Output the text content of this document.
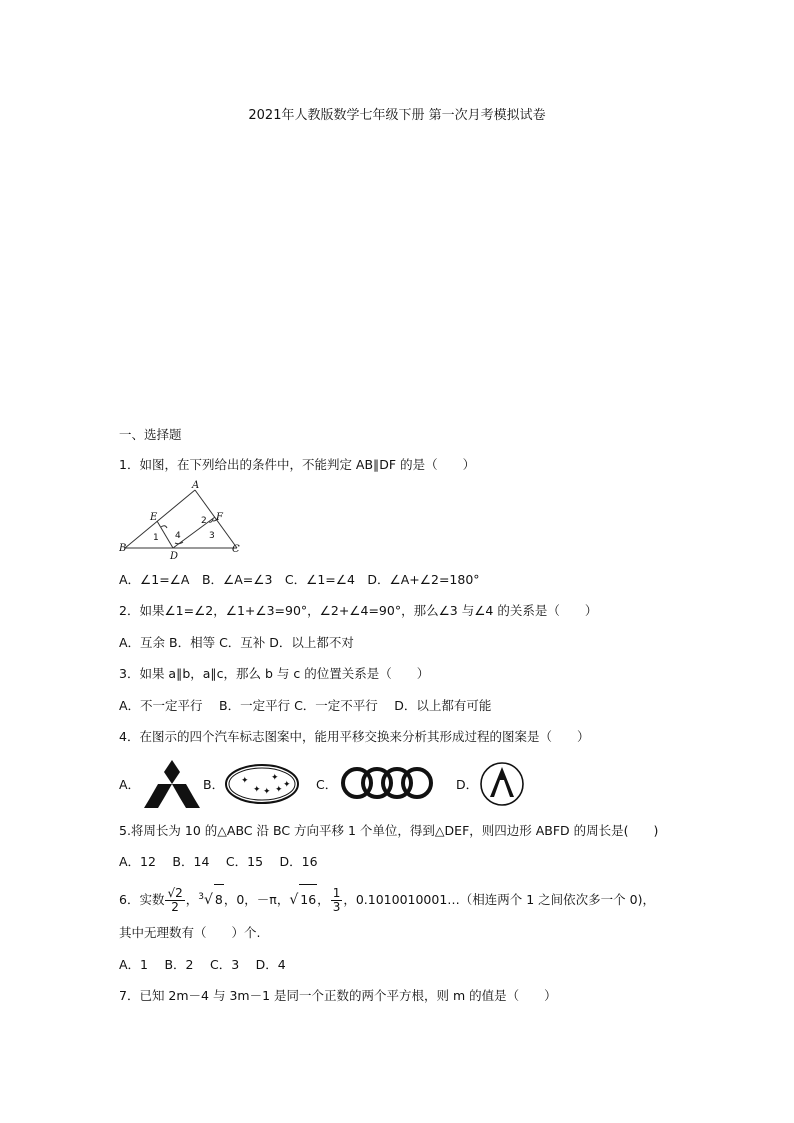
2021年人教版数学七年级下册 第一次月考模拟试卷
一、选择题
1．如图，在下列给出的条件中，不能判定 AB∥DF 的是（　　）
A
E	F
B
D
C
1
2
3
4
A．∠1=∠A　B．∠A=∠3　C．∠1=∠4　D．∠A+∠2=180°
2．如果∠1=∠2，∠1+∠3=90°，∠2+∠4=90°，那么∠3 与∠4 的关系是（　　）
A．互余 B．相等 C．互补 D．以上都不对
3．如果 a∥b，a∥c，那么 b 与 c 的位置关系是（　　）
A．不一定平行　 B．一定平行 C．一定不平行　 D．以上都有可能
4．在图示的四个汽车标志图案中，能用平移交换来分析其形成过程的图案是（　　）
A．	B． ✦ ✦
✦ ✦ ✦ ✦ C．	D．
5.将周长为 10 的△ABC 沿 BC 方向平移 1 个单位，得到△DEF，则四边形 ABFD 的周长是(　　)
A．12　 B．14　 C．15　 D．16
6．实数 $\frac{√2}{2}$ ，$^3$√ 8，0，－π，√ 16， $\frac{1}{3}$ ，0.1010010001…（相连两个 1 之间依次多一个 0)，
其中无理数有（　　）个.
A．1　 B．2　 C．3　 D．4
7．已知 2m－4 与 3m－1 是同一个正数的两个平方根，则 m 的值是（　　）
